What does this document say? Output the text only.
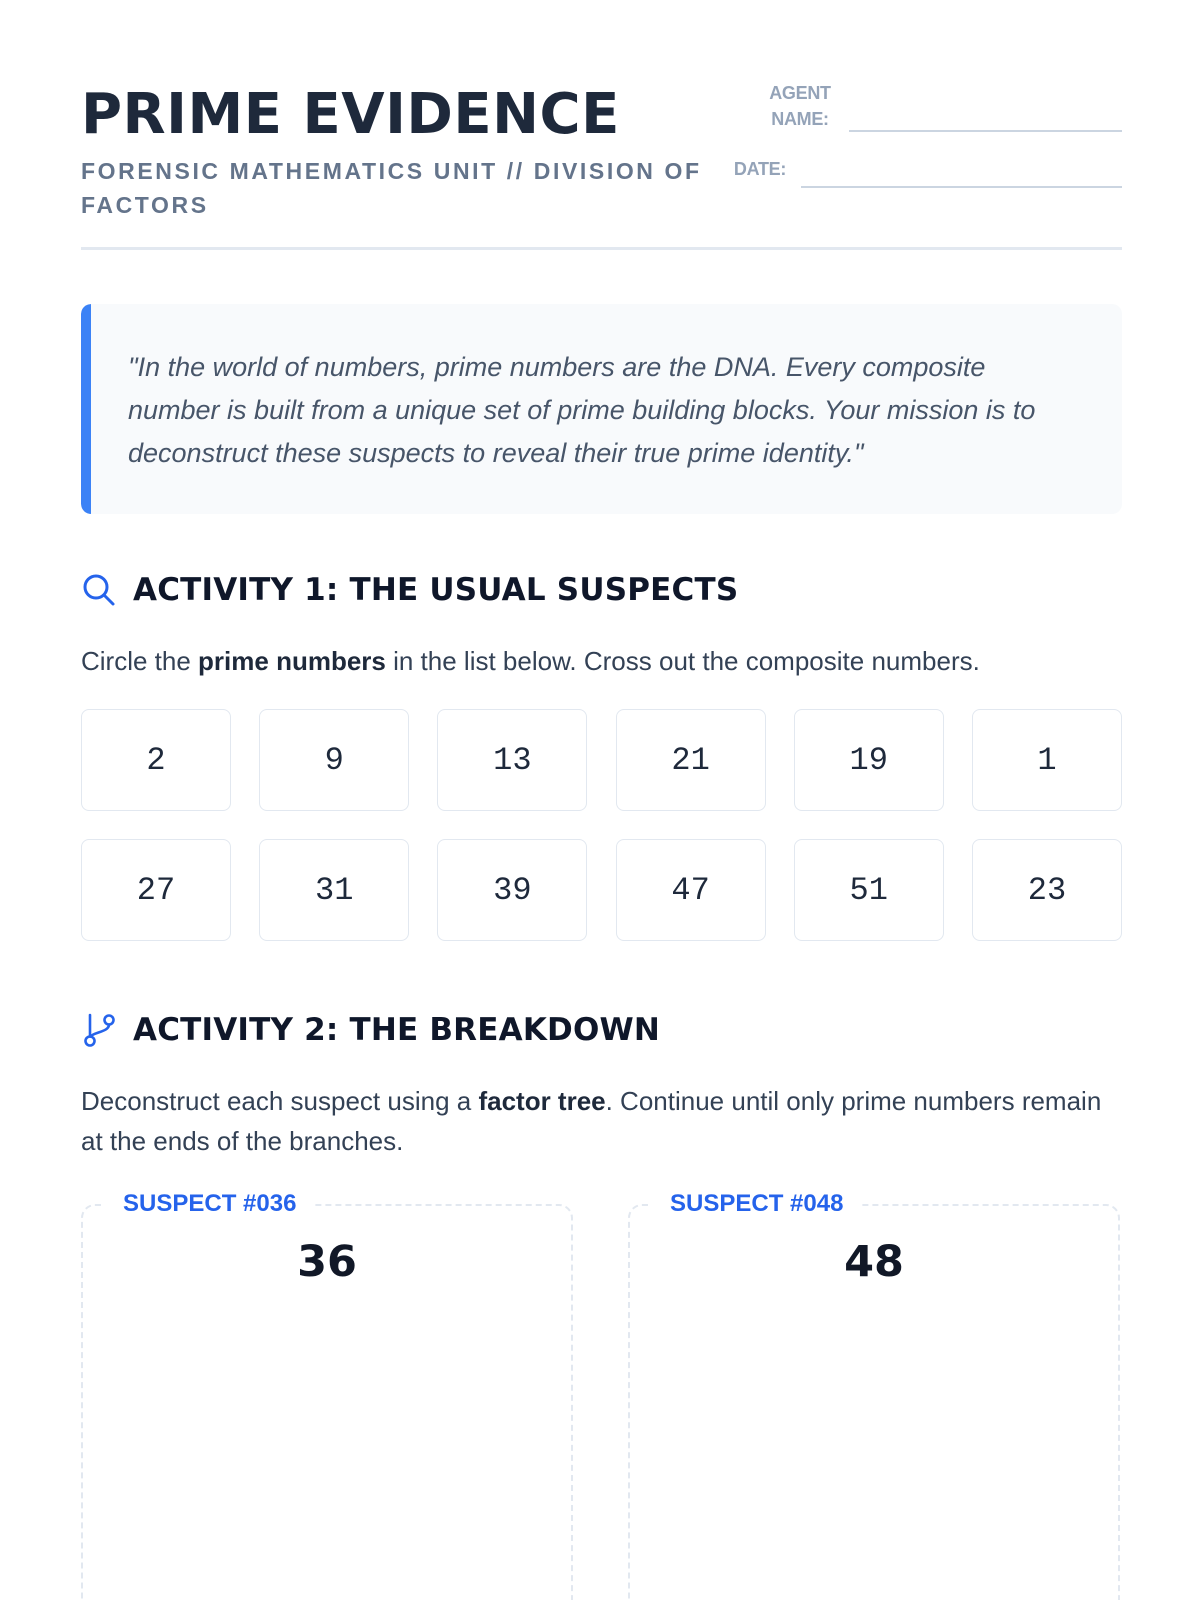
PRIME EVIDENCE
FORENSIC MATHEMATICS UNIT // DIVISION OF FACTORS
AGENT NAME:
DATE:
"In the world of numbers, prime numbers are the DNA. Every composite number is built from a unique set of prime building blocks. Your mission is to deconstruct these suspects to reveal their true prime identity."
ACTIVITY 1: THE USUAL SUSPECTS
Circle the prime numbers in the list below. Cross out the composite numbers.
2	9	13	21	19	1
27	31	39	47	51	23
ACTIVITY 2: THE BREAKDOWN
Deconstruct each suspect using a factor tree. Continue until only prime numbers remain at the ends of the branches.
SUSPECT #036
36
SUSPECT #048
48
